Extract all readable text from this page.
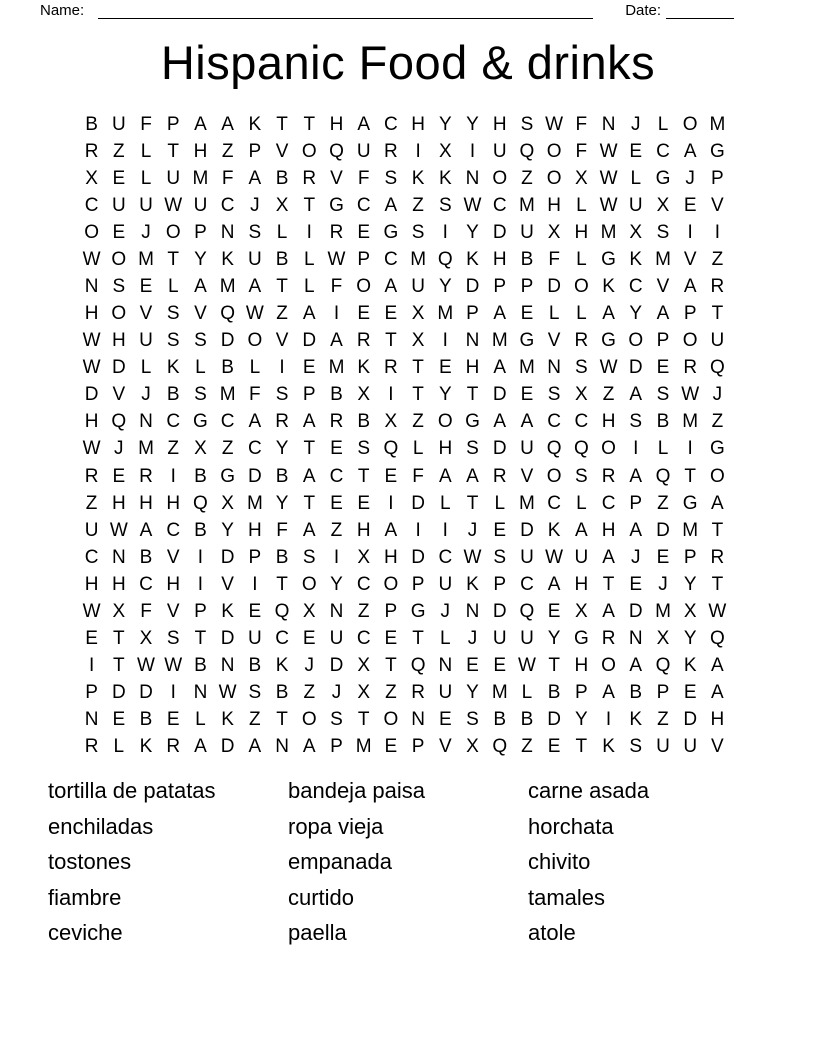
Name:	Date:
Hispanic Food & drinks
B U F P A A K T T H A C H Y Y H S W F N J L O M
R Z L T H Z P V O Q U R I X I U Q O F W E C A G
X E L U M F A B R V F S K K N O Z O X W L G J P
C U U W U C J X T G C A Z S W C M H L W U X E V
O E J O P N S L	I R E G S I Y D U X H M X S I	I
W O M T Y K U B L W P C M Q K H B F L G K M V Z
N S E L A M A T L F O A U Y D P P D O K C V A R
H O V S V Q W Z A I E E X M P A E L L A Y A P T
W H U S S D O V D A R T X I N M G V R G O P O U
W D L K L B L	I E M K R T E H A M N S W D E R Q
D V J B S M F S P B X I T Y T D E S X Z A S W J
H Q N C G C A R A R B X Z O G A A C C H S B M Z
W J M Z X Z C Y T E S Q L H S D U Q Q O I	L	I G
R E R I B G D B A C T E F A A R V O S R A Q T O
Z H H H Q X M Y T E E I D L T L M C L C P Z G A
U W A C B Y H F A Z H A I	I	J E D K A H A D M T
C N B V I D P B S I X H D C W S U W U A J E P R
H H C H I V I T O Y C O P U K P C A H T E J Y T
W X F V P K E Q X N Z P G J N D Q E X A D M X W
E T X S T D U C E U C E T L J U U Y G R N X Y Q
I T W W B N B K J D X T Q N E E W T H O A Q K A
P D D I N W S B Z J X Z R U Y M L B P A B P E A
N E B E L K Z T O S T O N E S B B D Y I K Z D H
R L K R A D A N A P M E P V X Q Z E T K S U U V
tortilla de patatas
enchiladas
tostones
fiambre
ceviche
bandeja paisa
ropa vieja
empanada
curtido
paella
carne asada
horchata
chivito
tamales
atole
